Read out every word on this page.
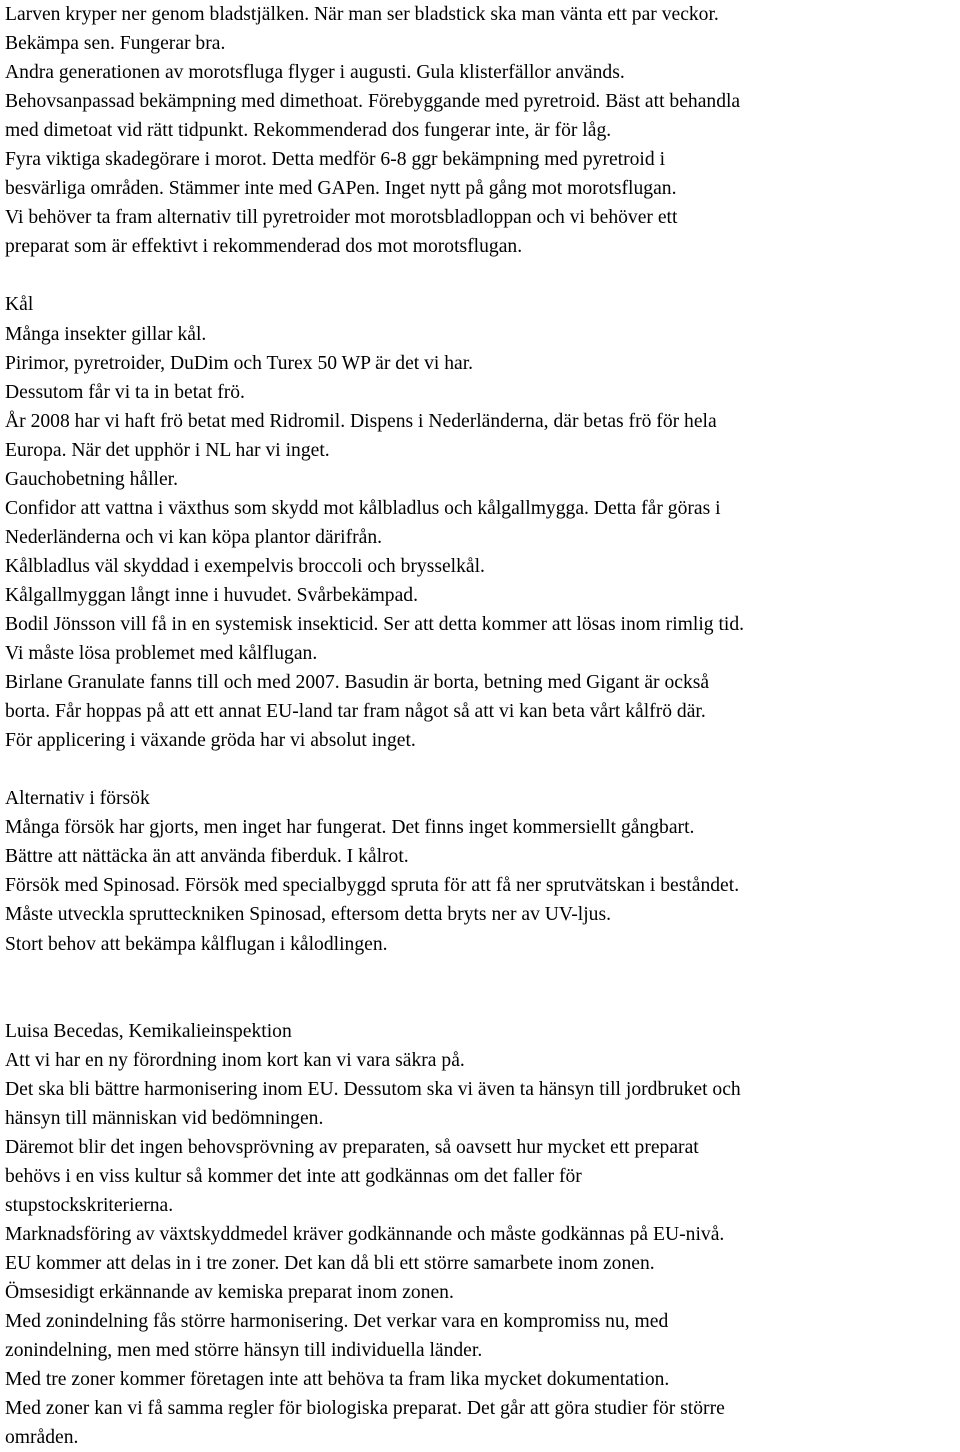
Larven kryper ner genom bladstjälken. När man ser bladstick ska man vänta ett par veckor.
Bekämpa sen. Fungerar bra.
Andra generationen av morotsfluga flyger i augusti. Gula klisterfällor används.
Behovsanpassad bekämpning med dimethoat. Förebyggande med pyretroid. Bäst att behandla
med dimetoat vid rätt tidpunkt. Rekommenderad dos fungerar inte, är för låg.
Fyra viktiga skadegörare i morot. Detta medför 6-8 ggr bekämpning med pyretroid i
besvärliga områden. Stämmer inte med GAPen. Inget nytt på gång mot morotsflugan.
Vi behöver ta fram alternativ till pyretroider mot morotsbladloppan och vi behöver ett
preparat som är effektivt i rekommenderad dos mot morotsflugan.
Kål
Många insekter gillar kål.
Pirimor, pyretroider, DuDim och Turex 50 WP är det vi har.
Dessutom får vi ta in betat frö.
År 2008 har vi haft frö betat med Ridromil. Dispens i Nederländerna, där betas frö för hela
Europa. När det upphör i NL har vi inget.
Gauchobetning håller.
Confidor att vattna i växthus som skydd mot kålbladlus och kålgallmygga. Detta får göras i
Nederländerna och vi kan köpa plantor därifrån.
Kålbladlus väl skyddad i exempelvis broccoli och brysselkål.
Kålgallmyggan långt inne i huvudet. Svårbekämpad.
Bodil Jönsson vill få in en systemisk insekticid. Ser att detta kommer att lösas inom rimlig tid.
Vi måste lösa problemet med kålflugan.
Birlane Granulate fanns till och med 2007. Basudin är borta, betning med Gigant är också
borta. Får hoppas på att ett annat EU-land tar fram något så att vi kan beta vårt kålfrö där.
För applicering i växande gröda har vi absolut inget.
Alternativ i försök
Många försök har gjorts, men inget har fungerat. Det finns inget kommersiellt gångbart.
Bättre att nättäcka än att använda fiberduk. I kålrot.
Försök med Spinosad. Försök med specialbyggd spruta för att få ner sprutvätskan i beståndet.
Måste utveckla sprutteckniken Spinosad, eftersom detta bryts ner av UV-ljus.
Stort behov att bekämpa kålflugan i kålodlingen.
Luisa Becedas, Kemikalieinspektion
Att vi har en ny förordning inom kort kan vi vara säkra på.
Det ska bli bättre harmonisering inom EU. Dessutom ska vi även ta hänsyn till jordbruket och
hänsyn till människan vid bedömningen.
Däremot blir det ingen behovsprövning av preparaten, så oavsett hur mycket ett preparat
behövs i en viss kultur så kommer det inte att godkännas om det faller för
stupstockskriterierna.
Marknadsföring av växtskyddmedel kräver godkännande och måste godkännas på EU-nivå.
EU kommer att delas in i tre zoner. Det kan då bli ett större samarbete inom zonen.
Ömsesidigt erkännande av kemiska preparat inom zonen.
Med zonindelning fås större harmonisering. Det verkar vara en kompromiss nu, med
zonindelning, men med större hänsyn till individuella länder.
Med tre zoner kommer företagen inte att behöva ta fram lika mycket dokumentation.
Med zoner kan vi få samma regler för biologiska preparat. Det går att göra studier för större
områden.
